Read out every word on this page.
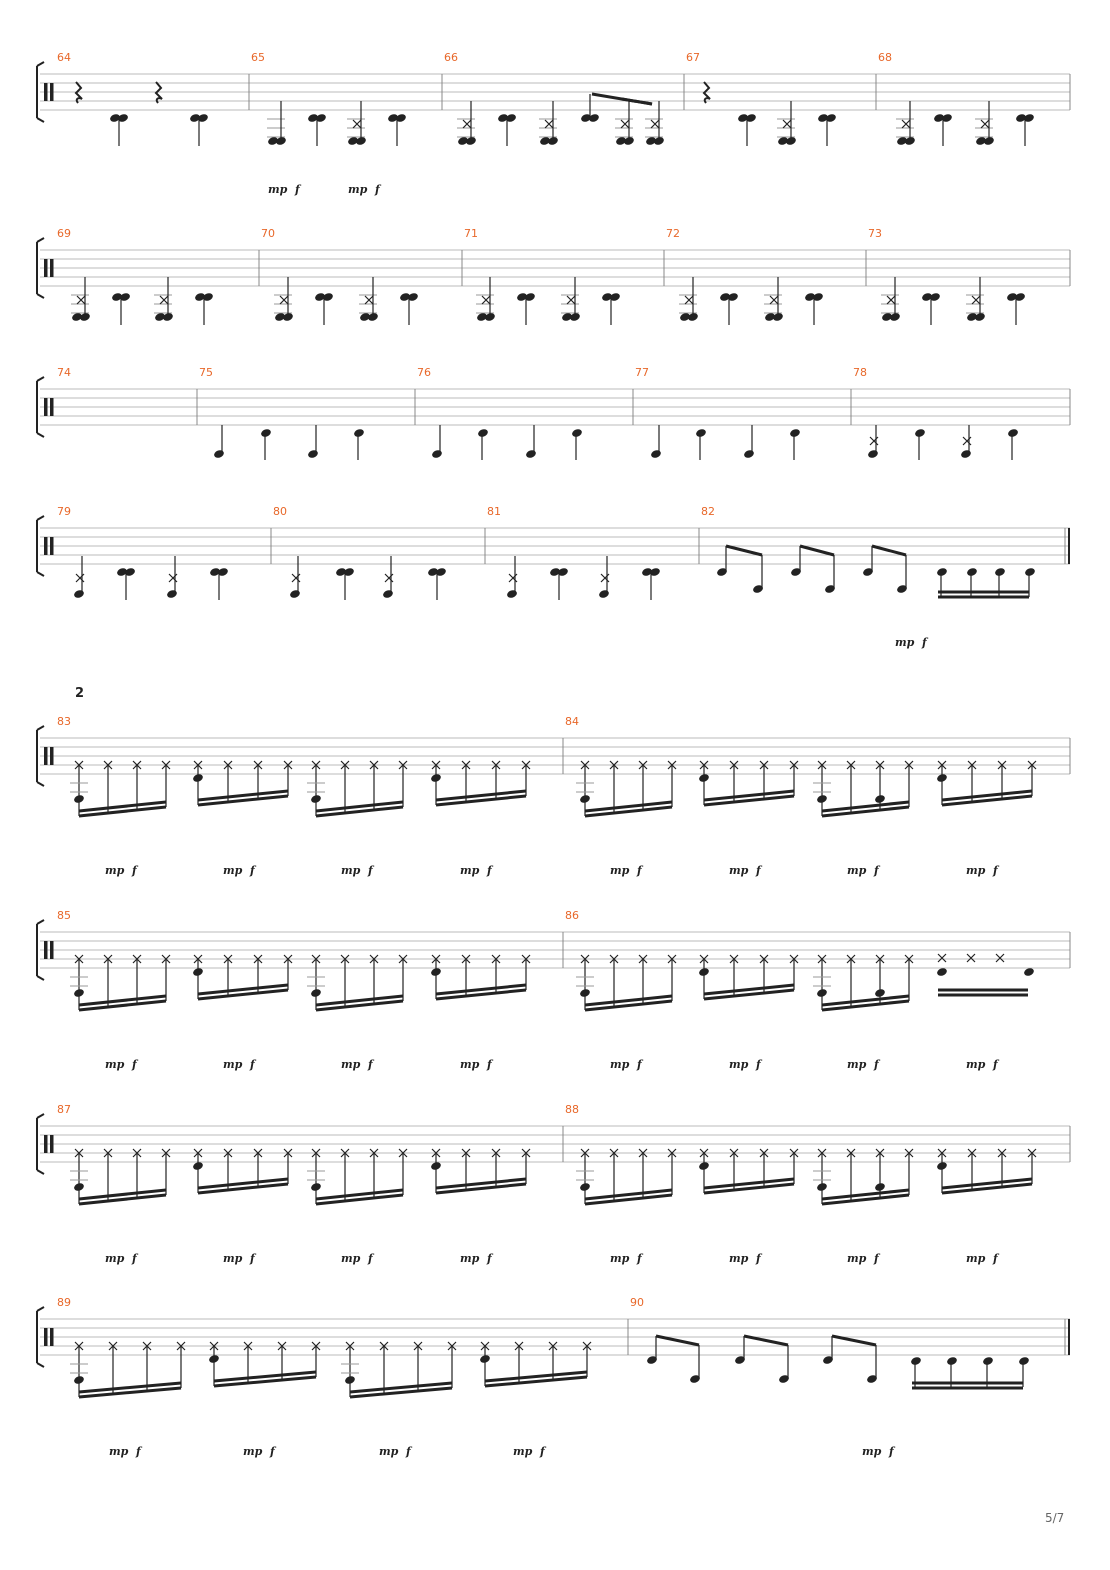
64	65	66	67	68
69	70	71	72	73
74	75	76	77	78
79	80	81	82
83	84
85	86
87	88
89	90
mp f	mp f
mp f
mp f	mp f	mp f	mp f	mp f	mp f	mp f	mp f
mp f	mp f	mp f	mp f	mp f	mp f	mp f	mp f
mp f	mp f	mp f	mp f	mp f	mp f	mp f	mp f
mp f	mp f	mp f	mp f	mp f
2
5/7
